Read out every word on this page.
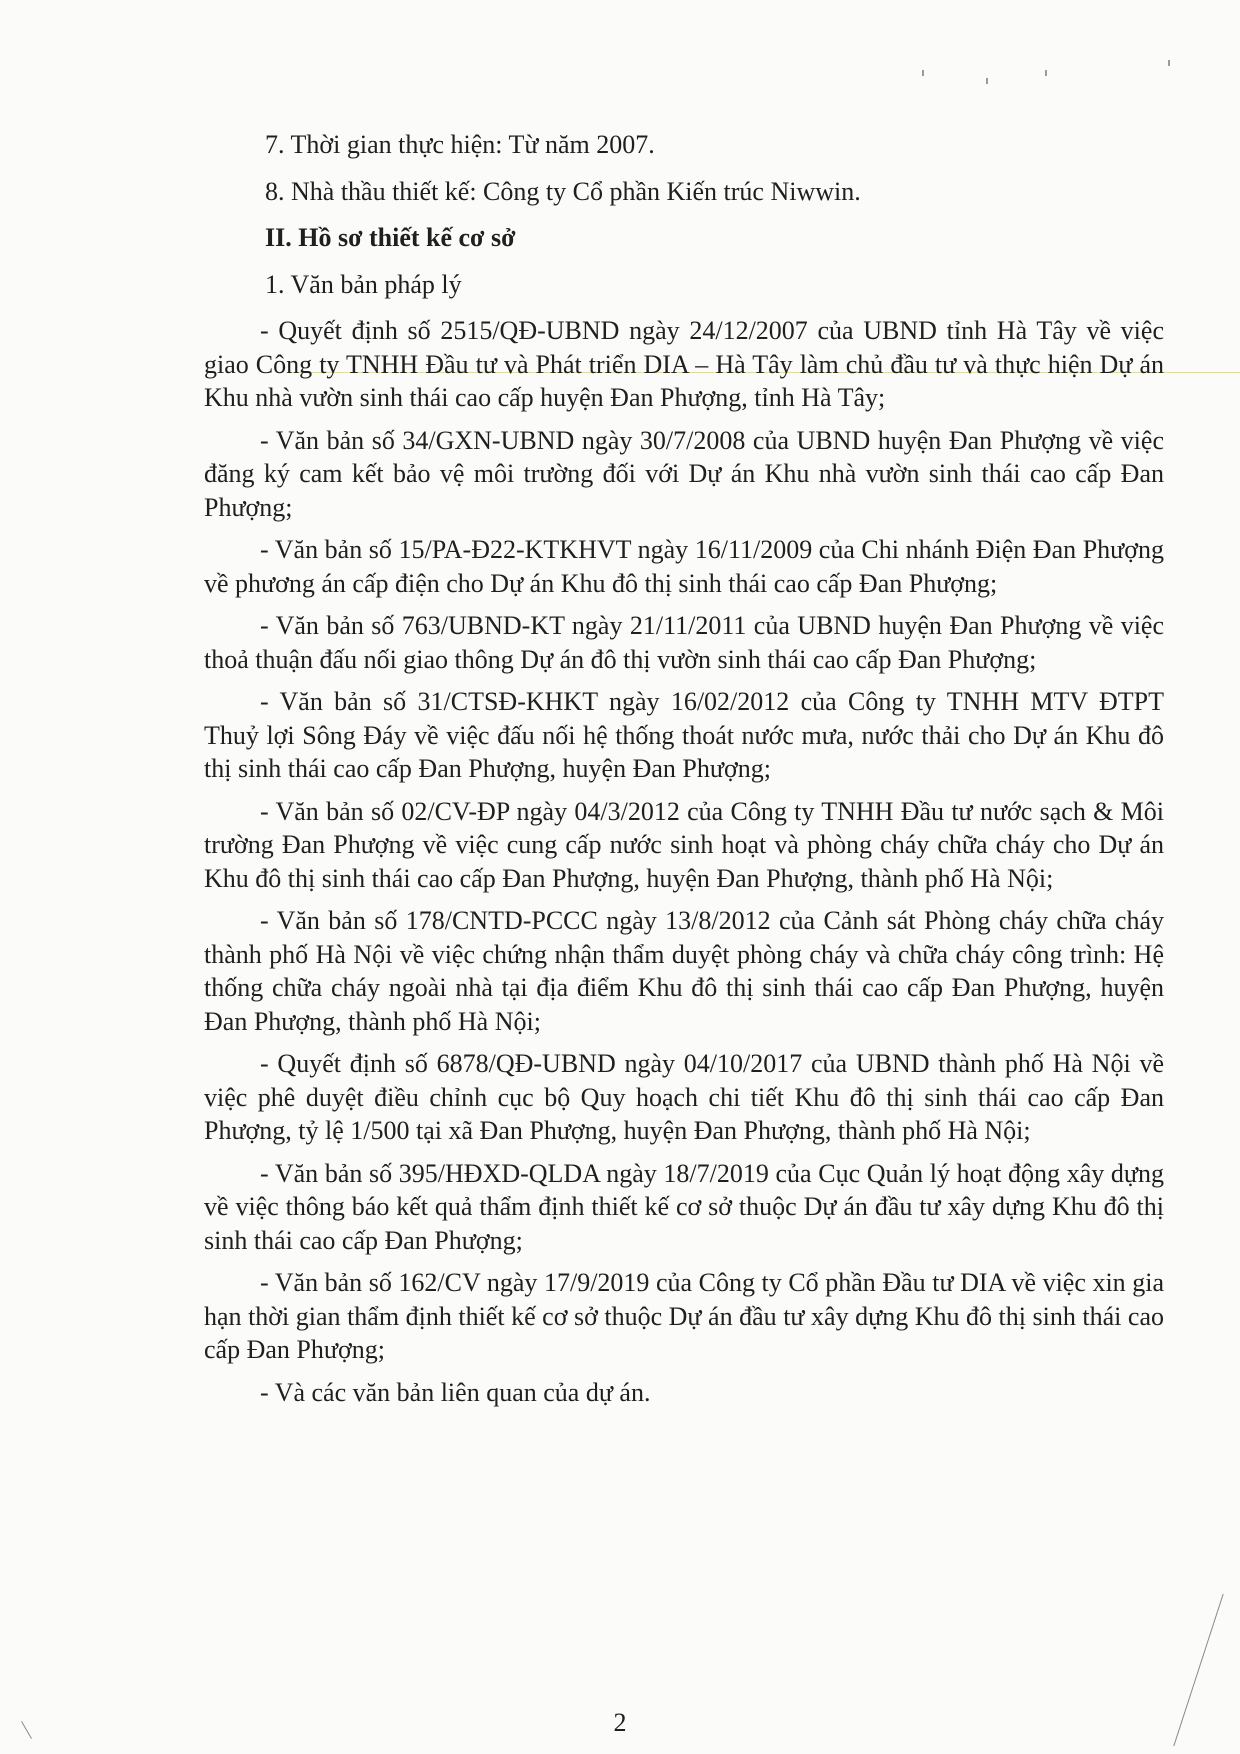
7. Thời gian thực hiện: Từ năm 2007.
8. Nhà thầu thiết kế: Công ty Cổ phần Kiến trúc Niwwin.
II. Hồ sơ thiết kế cơ sở
1. Văn bản pháp lý

- Quyết định số 2515/QĐ-UBND ngày 24/12/2007 của UBND tỉnh Hà Tây về việc giao Công ty TNHH Đầu tư và Phát triển DIA – Hà Tây làm chủ đầu tư và thực hiện Dự án Khu nhà vườn sinh thái cao cấp huyện Đan Phượng, tỉnh Hà Tây;

- Văn bản số 34/GXN-UBND ngày 30/7/2008 của UBND huyện Đan Phượng về việc đăng ký cam kết bảo vệ môi trường đối với Dự án Khu nhà vườn sinh thái cao cấp Đan Phượng;

- Văn bản số 15/PA-Đ22-KTKHVT ngày 16/11/2009 của Chi nhánh Điện Đan Phượng về phương án cấp điện cho Dự án Khu đô thị sinh thái cao cấp Đan Phượng;

- Văn bản số 763/UBND-KT ngày 21/11/2011 của UBND huyện Đan Phượng về việc thoả thuận đấu nối giao thông Dự án đô thị vườn sinh thái cao cấp Đan Phượng;

- Văn bản số 31/CTSĐ-KHKT ngày 16/02/2012 của Công ty TNHH MTV ĐTPT Thuỷ lợi Sông Đáy về việc đấu nối hệ thống thoát nước mưa, nước thải cho Dự án Khu đô thị sinh thái cao cấp Đan Phượng, huyện Đan Phượng;

- Văn bản số 02/CV-ĐP ngày 04/3/2012 của Công ty TNHH Đầu tư nước sạch & Môi trường Đan Phượng về việc cung cấp nước sinh hoạt và phòng cháy chữa cháy cho Dự án Khu đô thị sinh thái cao cấp Đan Phượng, huyện Đan Phượng, thành phố Hà Nội;

- Văn bản số 178/CNTD-PCCC ngày 13/8/2012 của Cảnh sát Phòng cháy chữa cháy thành phố Hà Nội về việc chứng nhận thẩm duyệt phòng cháy và chữa cháy công trình: Hệ thống chữa cháy ngoài nhà tại địa điểm Khu đô thị sinh thái cao cấp Đan Phượng, huyện Đan Phượng, thành phố Hà Nội;

- Quyết định số 6878/QĐ-UBND ngày 04/10/2017 của UBND thành phố Hà Nội về việc phê duyệt điều chỉnh cục bộ Quy hoạch chi tiết Khu đô thị sinh thái cao cấp Đan Phượng, tỷ lệ 1/500 tại xã Đan Phượng, huyện Đan Phượng, thành phố Hà Nội;

- Văn bản số 395/HĐXD-QLDA ngày 18/7/2019 của Cục Quản lý hoạt động xây dựng về việc thông báo kết quả thẩm định thiết kế cơ sở thuộc Dự án đầu tư xây dựng Khu đô thị sinh thái cao cấp Đan Phượng;

- Văn bản số 162/CV ngày 17/9/2019 của Công ty Cổ phần Đầu tư DIA về việc xin gia hạn thời gian thẩm định thiết kế cơ sở thuộc Dự án đầu tư xây dựng Khu đô thị sinh thái cao cấp Đan Phượng;

- Và các văn bản liên quan của dự án.

2
